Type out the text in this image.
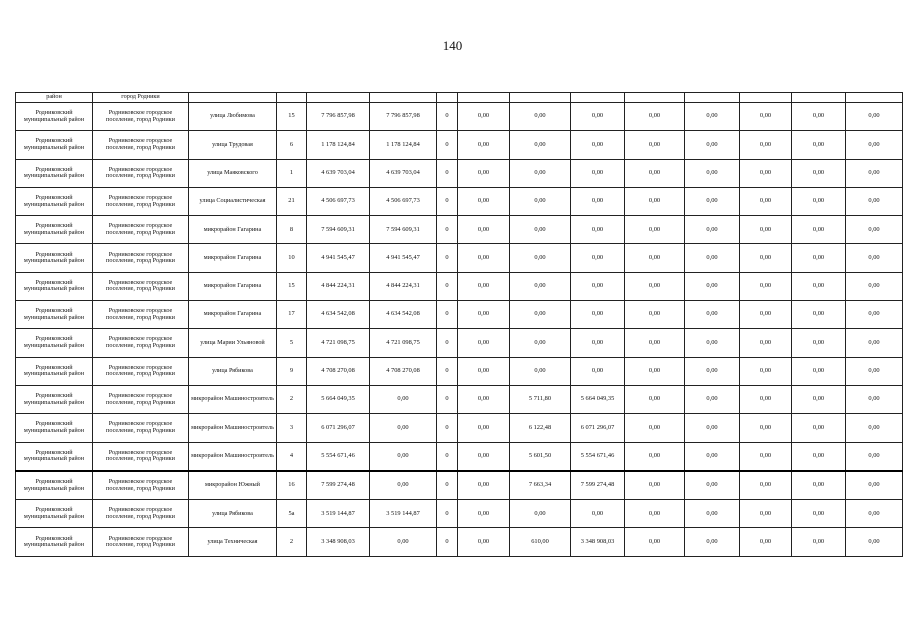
140
район	город Родники													
Родниковский муниципальный район	Родниковское городское поселение, город Родники	улица Любимова	15	7 796 857,98	7 796 857,98	0	0,00	0,00	0,00	0,00	0,00	0,00	0,00	0,00
Родниковский муниципальный район	Родниковское городское поселение, город Родники	улица Трудовая	6	1 178 124,84	1 178 124,84	0	0,00	0,00	0,00	0,00	0,00	0,00	0,00	0,00
Родниковский муниципальный район	Родниковское городское поселение, город Родники	улица Маяковского	1	4 639 703,04	4 639 703,04	0	0,00	0,00	0,00	0,00	0,00	0,00	0,00	0,00
Родниковский муниципальный район	Родниковское городское поселение, город Родники	улица Социалистическая	21	4 506 697,73	4 506 697,73	0	0,00	0,00	0,00	0,00	0,00	0,00	0,00	0,00
Родниковский муниципальный район	Родниковское городское поселение, город Родники	микрорайон Гагарина	8	7 594 609,31	7 594 609,31	0	0,00	0,00	0,00	0,00	0,00	0,00	0,00	0,00
Родниковский муниципальный район	Родниковское городское поселение, город Родники	микрорайон Гагарина	10	4 941 545,47	4 941 545,47	0	0,00	0,00	0,00	0,00	0,00	0,00	0,00	0,00
Родниковский муниципальный район	Родниковское городское поселение, город Родники	микрорайон Гагарина	15	4 844 224,31	4 844 224,31	0	0,00	0,00	0,00	0,00	0,00	0,00	0,00	0,00
Родниковский муниципальный район	Родниковское городское поселение, город Родники	микрорайон Гагарина	17	4 634 542,08	4 634 542,08	0	0,00	0,00	0,00	0,00	0,00	0,00	0,00	0,00
Родниковский муниципальный район	Родниковское городское поселение, город Родники	улица Марии Ульяновой	5	4 721 098,75	4 721 098,75	0	0,00	0,00	0,00	0,00	0,00	0,00	0,00	0,00
Родниковский муниципальный район	Родниковское городское поселение, город Родники	улица Рябикова	9	4 708 270,08	4 708 270,08	0	0,00	0,00	0,00	0,00	0,00	0,00	0,00	0,00
Родниковский муниципальный район	Родниковское городское поселение, город Родники	микрорайон Машиностроитель	2	5 664 049,35	0,00	0	0,00	5 711,80	5 664 049,35	0,00	0,00	0,00	0,00	0,00
Родниковский муниципальный район	Родниковское городское поселение, город Родники	микрорайон Машиностроитель	3	6 071 296,07	0,00	0	0,00	6 122,48	6 071 296,07	0,00	0,00	0,00	0,00	0,00
Родниковский муниципальный район	Родниковское городское поселение, город Родники	микрорайон Машиностроитель	4	5 554 671,46	0,00	0	0,00	5 601,50	5 554 671,46	0,00	0,00	0,00	0,00	0,00
Родниковский муниципальный район	Родниковское городское поселение, город Родники	микрорайон Южный	16	7 599 274,48	0,00	0	0,00	7 663,34	7 599 274,48	0,00	0,00	0,00	0,00	0,00
Родниковский муниципальный район	Родниковское городское поселение, город Родники	улица Рябикова	5a	3 519 144,87	3 519 144,87	0	0,00	0,00	0,00	0,00	0,00	0,00	0,00	0,00
Родниковский муниципальный район	Родниковское городское поселение, город Родники	улица Техническая	2	3 348 908,03	0,00	0	0,00	610,00	3 348 908,03	0,00	0,00	0,00	0,00	0,00
